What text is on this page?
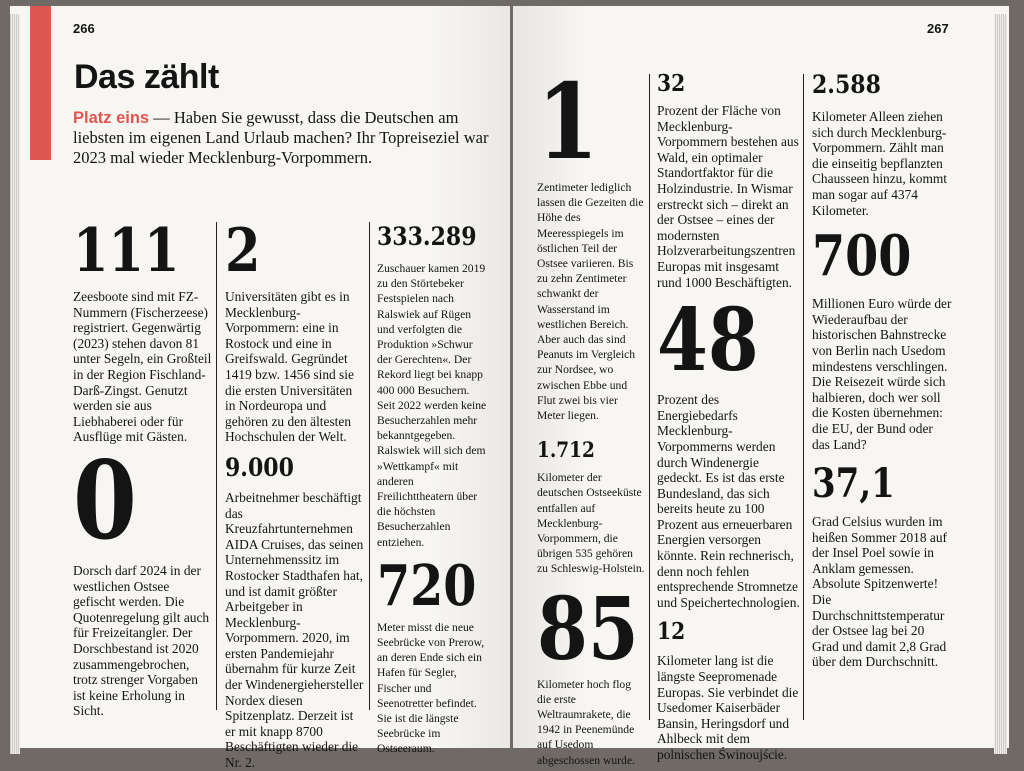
266
Das zählt
Platz eins — Haben Sie gewusst, dass die Deutschen am liebsten im eigenen Land Urlaub machen? Ihr Topreiseziel war 2023 mal wieder Mecklenburg-Vorpommern.
111
Zeesboote sind mit FZ-Nummern (Fischerzeese) registriert. Gegenwärtig (2023) stehen davon 81 unter Segeln, ein Großteil in der Region Fischland-Darß-Zingst. Genutzt werden sie aus Liebhaberei oder für Ausflüge mit Gästen.
0
Dorsch darf 2024 in der westlichen Ostsee gefischt werden. Die Quotenregelung gilt auch für Freizeitangler. Der Dorschbestand ist 2020 zusammengebrochen, trotz strenger Vorgaben ist keine Erholung in Sicht.
2
Universitäten gibt es in Mecklenburg-Vorpommern: eine in Rostock und eine in Greifswald. Gegründet 1419 bzw. 1456 sind sie die ersten Universitäten in Nordeuropa und gehören zu den ältesten Hochschulen der Welt.
9.000
Arbeitnehmer beschäftigt das Kreuzfahrtunternehmen AIDA Cruises, das seinen Unternehmenssitz im Rostocker Stadthafen hat, und ist damit größter Arbeitgeber in Mecklenburg-Vorpommern. 2020, im ersten Pandemiejahr übernahm für kurze Zeit der Windenergiehersteller Nordex diesen Spitzenplatz. Derzeit ist er mit knapp 8700 Beschäftigten wieder die Nr. 2.
333.289
Zuschauer kamen 2019 zu den Störtebeker Festspielen nach Ralswiek auf Rügen und verfolgten die Produktion »Schwur der Gerechten«. Der Rekord liegt bei knapp 400 000 Besuchern. Seit 2022 werden keine Besucherzahlen mehr bekanntgegeben. Ralswiek will sich dem »Wettkampf« mit anderen Freilichttheatern über die höchsten Besucherzahlen entziehen.
720
Meter misst die neue Seebrücke von Prerow, an deren Ende sich ein Hafen für Segler, Fischer und Seenotretter befindet. Sie ist die längste Seebrücke im Ostseeraum.
267
1
Zentimeter lediglich lassen die Gezeiten die Höhe des Meeresspiegels im östlichen Teil der Ostsee variieren. Bis zu zehn Zentimeter schwankt der Wasserstand im westlichen Bereich. Aber auch das sind Peanuts im Vergleich zur Nordsee, wo zwischen Ebbe und Flut zwei bis vier Meter liegen.
1.712
Kilometer der deutschen Ostseeküste entfallen auf Mecklenburg-Vorpommern, die übrigen 535 gehören zu Schleswig-Holstein.
85
Kilometer hoch flog die erste Weltraumrakete, die 1942 in Peenemünde auf Usedom abgeschossen wurde.
32
Prozent der Fläche von Mecklenburg-Vorpommern bestehen aus Wald, ein optimaler Standortfaktor für die Holzindustrie. In Wismar erstreckt sich – direkt an der Ostsee – eines der modernsten Holzverarbeitungszentren Europas mit insgesamt rund 1000 Beschäftigten.
48
Prozent des Energiebedarfs Mecklenburg-Vorpommerns werden durch Windenergie gedeckt. Es ist das erste Bundesland, das sich bereits heute zu 100 Prozent aus erneuerbaren Energien versorgen könnte. Rein rechnerisch, denn noch fehlen entsprechende Stromnetze und Speichertechnologien.
12
Kilometer lang ist die längste Seepromenade Europas. Sie verbindet die Usedomer Kaiserbäder Bansin, Heringsdorf und Ahlbeck mit dem polnischen Świnoujście.
2.588
Kilometer Alleen ziehen sich durch Mecklenburg-Vorpommern. Zählt man die einseitig bepflanzten Chausseen hinzu, kommt man sogar auf 4374 Kilometer.
700
Millionen Euro würde der Wiederaufbau der historischen Bahnstrecke von Berlin nach Usedom mindestens verschlingen. Die Reisezeit würde sich halbieren, doch wer soll die Kosten übernehmen: die EU, der Bund oder das Land?
37,1
Grad Celsius wurden im heißen Sommer 2018 auf der Insel Poel sowie in Anklam gemessen. Absolute Spitzenwerte! Die Durchschnittstemperatur der Ostsee lag bei 20 Grad und damit 2,8 Grad über dem Durchschnitt.
